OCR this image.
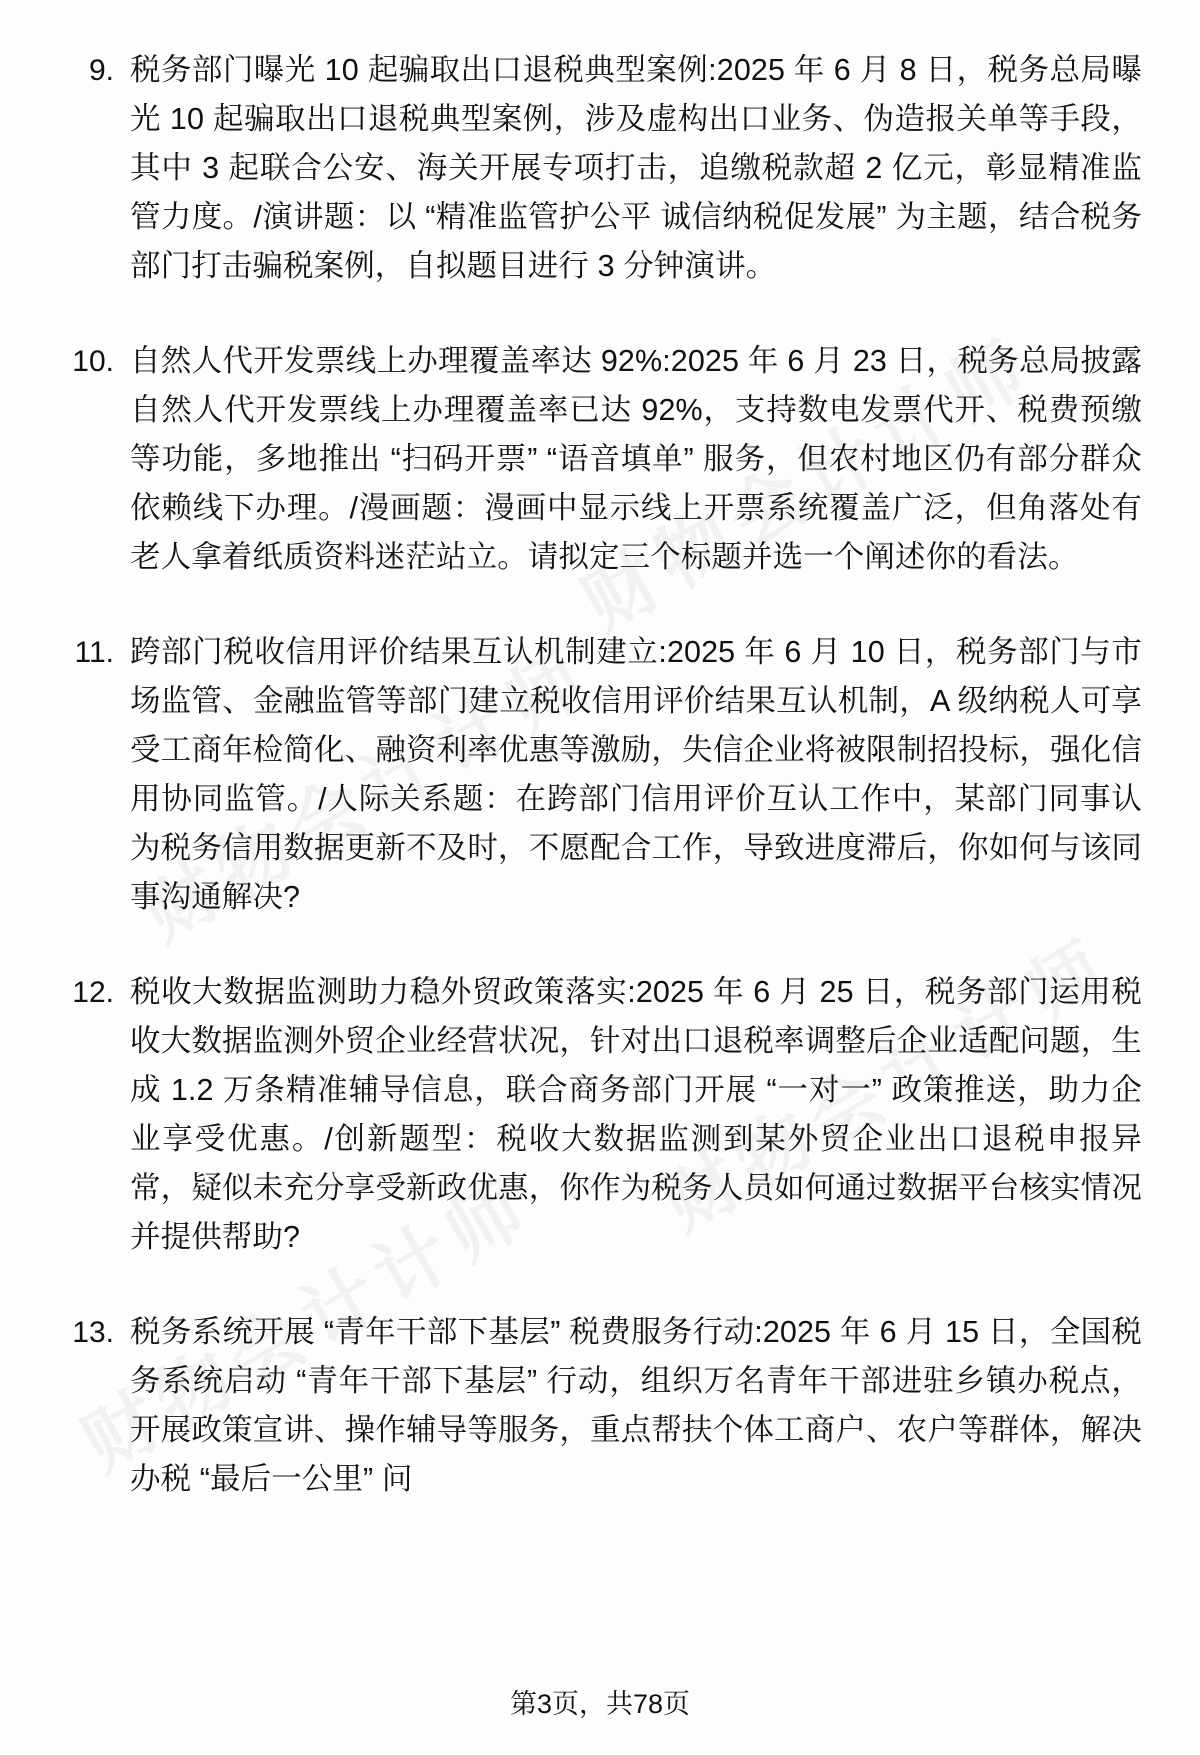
9. 税务部门曝光 10 起骗取出口退税典型案例:2025 年 6 月 8 日，税务总局曝光 10 起骗取出口退税典型案例，涉及虚构出口业务、伪造报关单等手段，其中 3 起联合公安、海关开展专项打击，追缴税款超 2 亿元，彰显精准监管力度。/演讲题：以 “精准监管护公平 诚信纳税促发展” 为主题，结合税务部门打击骗税案例，自拟题目进行 3 分钟演讲。
10. 自然人代开发票线上办理覆盖率达 92%:2025 年 6 月 23 日，税务总局披露自然人代开发票线上办理覆盖率已达 92%，支持数电发票代开、税费预缴等功能，多地推出 “扫码开票” “语音填单” 服务，但农村地区仍有部分群众依赖线下办理。/漫画题：漫画中显示线上开票系统覆盖广泛，但角落处有老人拿着纸质资料迷茫站立。请拟定三个标题并选一个阐述你的看法。
11. 跨部门税收信用评价结果互认机制建立:2025 年 6 月 10 日，税务部门与市场监管、金融监管等部门建立税收信用评价结果互认机制，A 级纳税人可享受工商年检简化、融资利率优惠等激励，失信企业将被限制招投标，强化信用协同监管。/人际关系题：在跨部门信用评价互认工作中，某部门同事认为税务信用数据更新不及时，不愿配合工作，导致进度滞后，你如何与该同事沟通解决?
12. 税收大数据监测助力稳外贸政策落实:2025 年 6 月 25 日，税务部门运用税收大数据监测外贸企业经营状况，针对出口退税率调整后企业适配问题，生成 1.2 万条精准辅导信息，联合商务部门开展 “一对一” 政策推送，助力企业享受优惠。/创新题型：税收大数据监测到某外贸企业出口退税申报异常，疑似未充分享受新政优惠，你作为税务人员如何通过数据平台核实情况并提供帮助?
13. 税务系统开展 “青年干部下基层” 税费服务行动:2025 年 6 月 15 日，全国税务系统启动 “青年干部下基层” 行动，组织万名青年干部进驻乡镇办税点，开展政策宣讲、操作辅导等服务，重点帮扶个体工商户、农户等群体，解决办税 “最后一公里” 问
第3页，共78页
